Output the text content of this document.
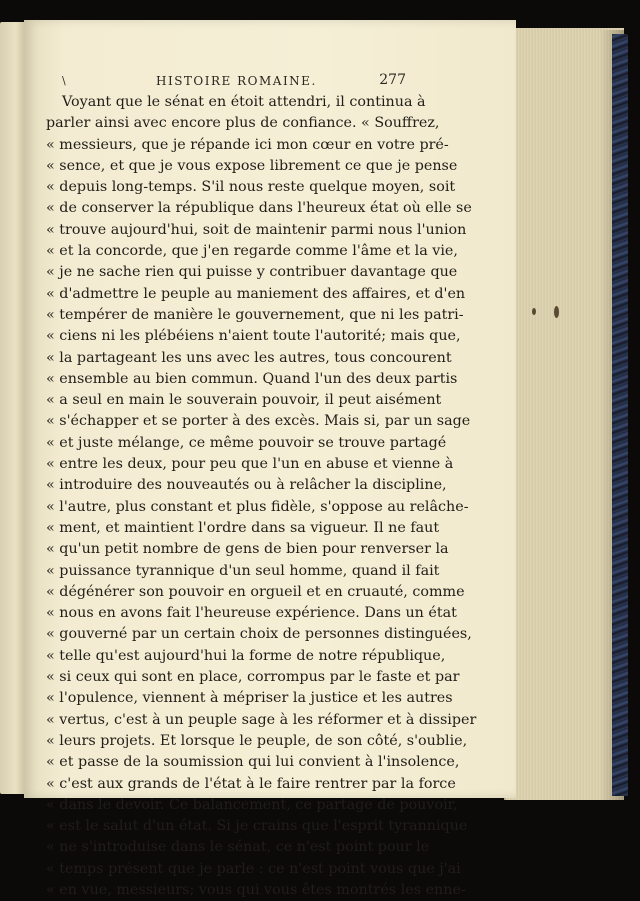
\	HISTOIRE ROMAINE.	277
Voyant que le sénat en étoit attendri, il continua à
parler ainsi avec encore plus de confiance. « Souffrez,
« messieurs, que je répande ici mon cœur en votre pré-
« sence, et que je vous expose librement ce que je pense
« depuis long-temps. S'il nous reste quelque moyen, soit
« de conserver la république dans l'heureux état où elle se
« trouve aujourd'hui, soit de maintenir parmi nous l'union
« et la concorde, que j'en regarde comme l'âme et la vie,
« je ne sache rien qui puisse y contribuer davantage que
« d'admettre le peuple au maniement des affaires, et d'en
« tempérer de manière le gouvernement, que ni les patri-
« ciens ni les plébéiens n'aient toute l'autorité; mais que,
« la partageant les uns avec les autres, tous concourent
« ensemble au bien commun. Quand l'un des deux partis
« a seul en main le souverain pouvoir, il peut aisément
« s'échapper et se porter à des excès. Mais si, par un sage
« et juste mélange, ce même pouvoir se trouve partagé
« entre les deux, pour peu que l'un en abuse et vienne à
« introduire des nouveautés ou à relâcher la discipline,
« l'autre, plus constant et plus fidèle, s'oppose au relâche-
« ment, et maintient l'ordre dans sa vigueur. Il ne faut
« qu'un petit nombre de gens de bien pour renverser la
« puissance tyrannique d'un seul homme, quand il fait
« dégénérer son pouvoir en orgueil et en cruauté, comme
« nous en avons fait l'heureuse expérience. Dans un état
« gouverné par un certain choix de personnes distinguées,
« telle qu'est aujourd'hui la forme de notre république,
« si ceux qui sont en place, corrompus par le faste et par
« l'opulence, viennent à mépriser la justice et les autres
« vertus, c'est à un peuple sage à les réformer et à dissiper
« leurs projets. Et lorsque le peuple, de son côté, s'oublie,
« et passe de la soumission qui lui convient à l'insolence,
« c'est aux grands de l'état à le faire rentrer par la force
« dans le devoir. Ce balancement, ce partage de pouvoir,
« est le salut d'un état. Si je crains que l'esprit tyrannique
« ne s'introduise dans le sénat, ce n'est point pour le
« temps présent que je parle : ce n'est point vous que j'ai
« en vue, messieurs; vous qui vous êtes montrés les enne-
